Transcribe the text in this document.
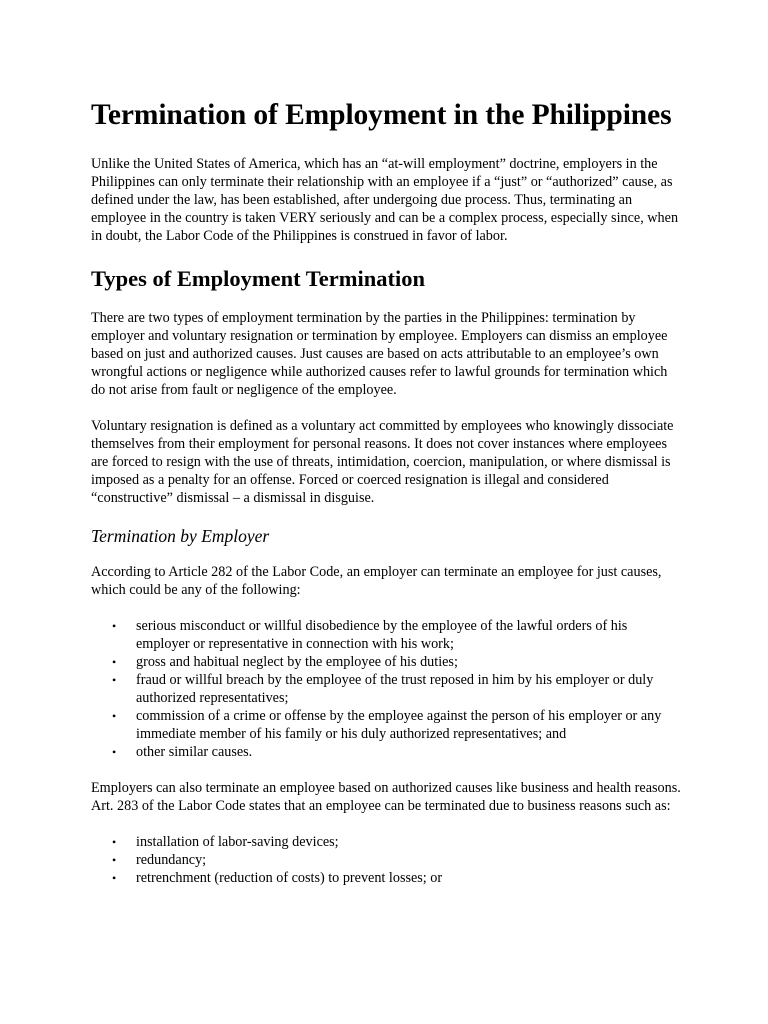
Termination of Employment in the Philippines

Unlike the United States of America, which has an “at-will employment” doctrine, employers in the Philippines can only terminate their relationship with an employee if a “just” or “authorized” cause, as defined under the law, has been established, after undergoing due process. Thus, terminating an employee in the country is taken VERY seriously and can be a complex process, especially since, when in doubt, the Labor Code of the Philippines is construed in favor of labor.

Types of Employment Termination

There are two types of employment termination by the parties in the Philippines: termination by employer and voluntary resignation or termination by employee. Employers can dismiss an employee based on just and authorized causes. Just causes are based on acts attributable to an employee’s own wrongful actions or negligence while authorized causes refer to lawful grounds for termination which do not arise from fault or negligence of the employee.

Voluntary resignation is defined as a voluntary act committed by employees who knowingly dissociate themselves from their employment for personal reasons. It does not cover instances where employees are forced to resign with the use of threats, intimidation, coercion, manipulation, or where dismissal is imposed as a penalty for an offense. Forced or coerced resignation is illegal and considered “constructive” dismissal – a dismissal in disguise.

Termination by Employer

According to Article 282 of the Labor Code, an employer can terminate an employee for just causes, which could be any of the following:

• serious misconduct or willful disobedience by the employee of the lawful orders of his employer or representative in connection with his work;
• gross and habitual neglect by the employee of his duties;
• fraud or willful breach by the employee of the trust reposed in him by his employer or duly authorized representatives;
• commission of a crime or offense by the employee against the person of his employer or any immediate member of his family or his duly authorized representatives; and
• other similar causes.

Employers can also terminate an employee based on authorized causes like business and health reasons. Art. 283 of the Labor Code states that an employee can be terminated due to business reasons such as:

• installation of labor-saving devices;
• redundancy;
• retrenchment (reduction of costs) to prevent losses; or
